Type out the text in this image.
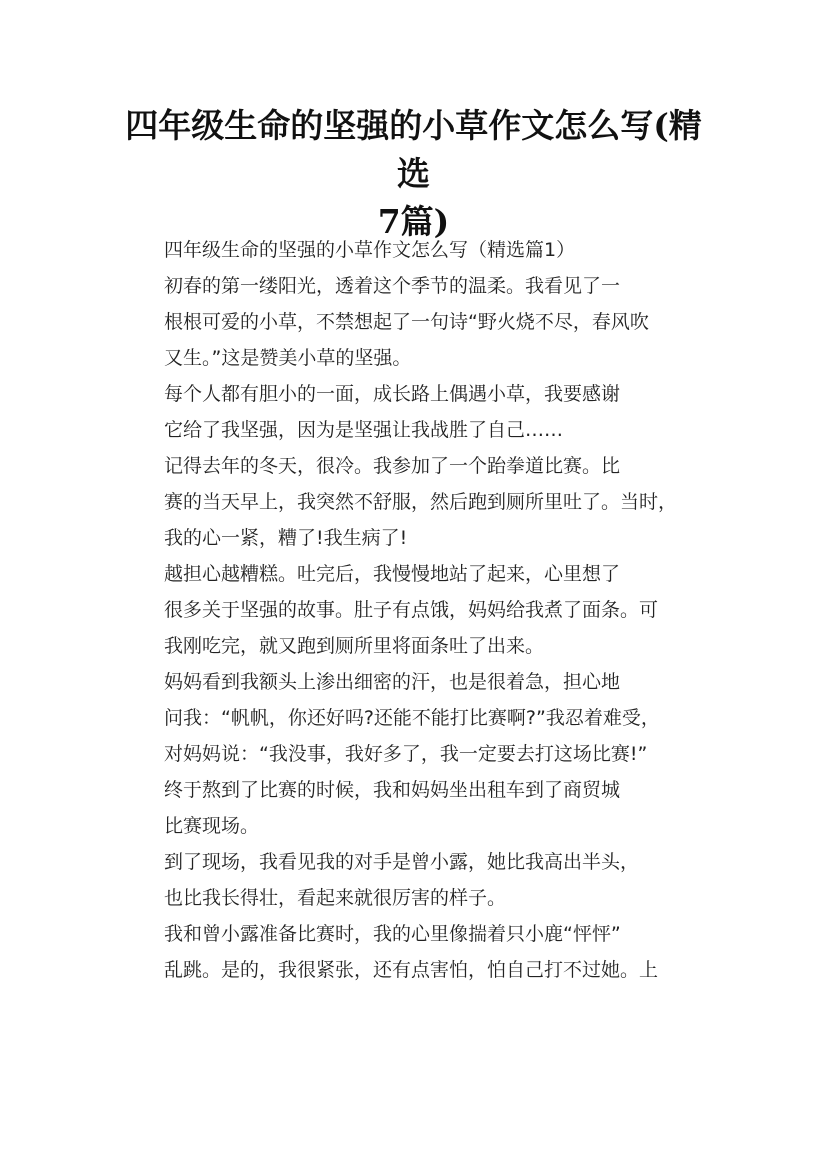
四年级生命的坚强的小草作文怎么写(精选
7篇)

四年级生命的坚强的小草作文怎么写（精选篇1）

初春的第一缕阳光，透着这个季节的温柔。我看见了一
根根可爱的小草，不禁想起了一句诗“野火烧不尽，春风吹
又生。”这是赞美小草的坚强。

每个人都有胆小的一面，成长路上偶遇小草，我要感谢
它给了我坚强，因为是坚强让我战胜了自己……

记得去年的冬天，很冷。我参加了一个跆拳道比赛。比
赛的当天早上，我突然不舒服，然后跑到厕所里吐了。当时，
我的心一紧，糟了!我生病了!

越担心越糟糕。吐完后，我慢慢地站了起来，心里想了
很多关于坚强的故事。肚子有点饿，妈妈给我煮了面条。可
我刚吃完，就又跑到厕所里将面条吐了出来。

妈妈看到我额头上渗出细密的汗，也是很着急，担心地
问我：“帆帆，你还好吗?还能不能打比赛啊?”我忍着难受，
对妈妈说：“我没事，我好多了，我一定要去打这场比赛!”

终于熬到了比赛的时候，我和妈妈坐出租车到了商贸城
比赛现场。

到了现场，我看见我的对手是曾小露，她比我高出半头，
也比我长得壮，看起来就很厉害的样子。

我和曾小露准备比赛时，我的心里像揣着只小鹿“怦怦”
乱跳。是的，我很紧张，还有点害怕，怕自己打不过她。上
